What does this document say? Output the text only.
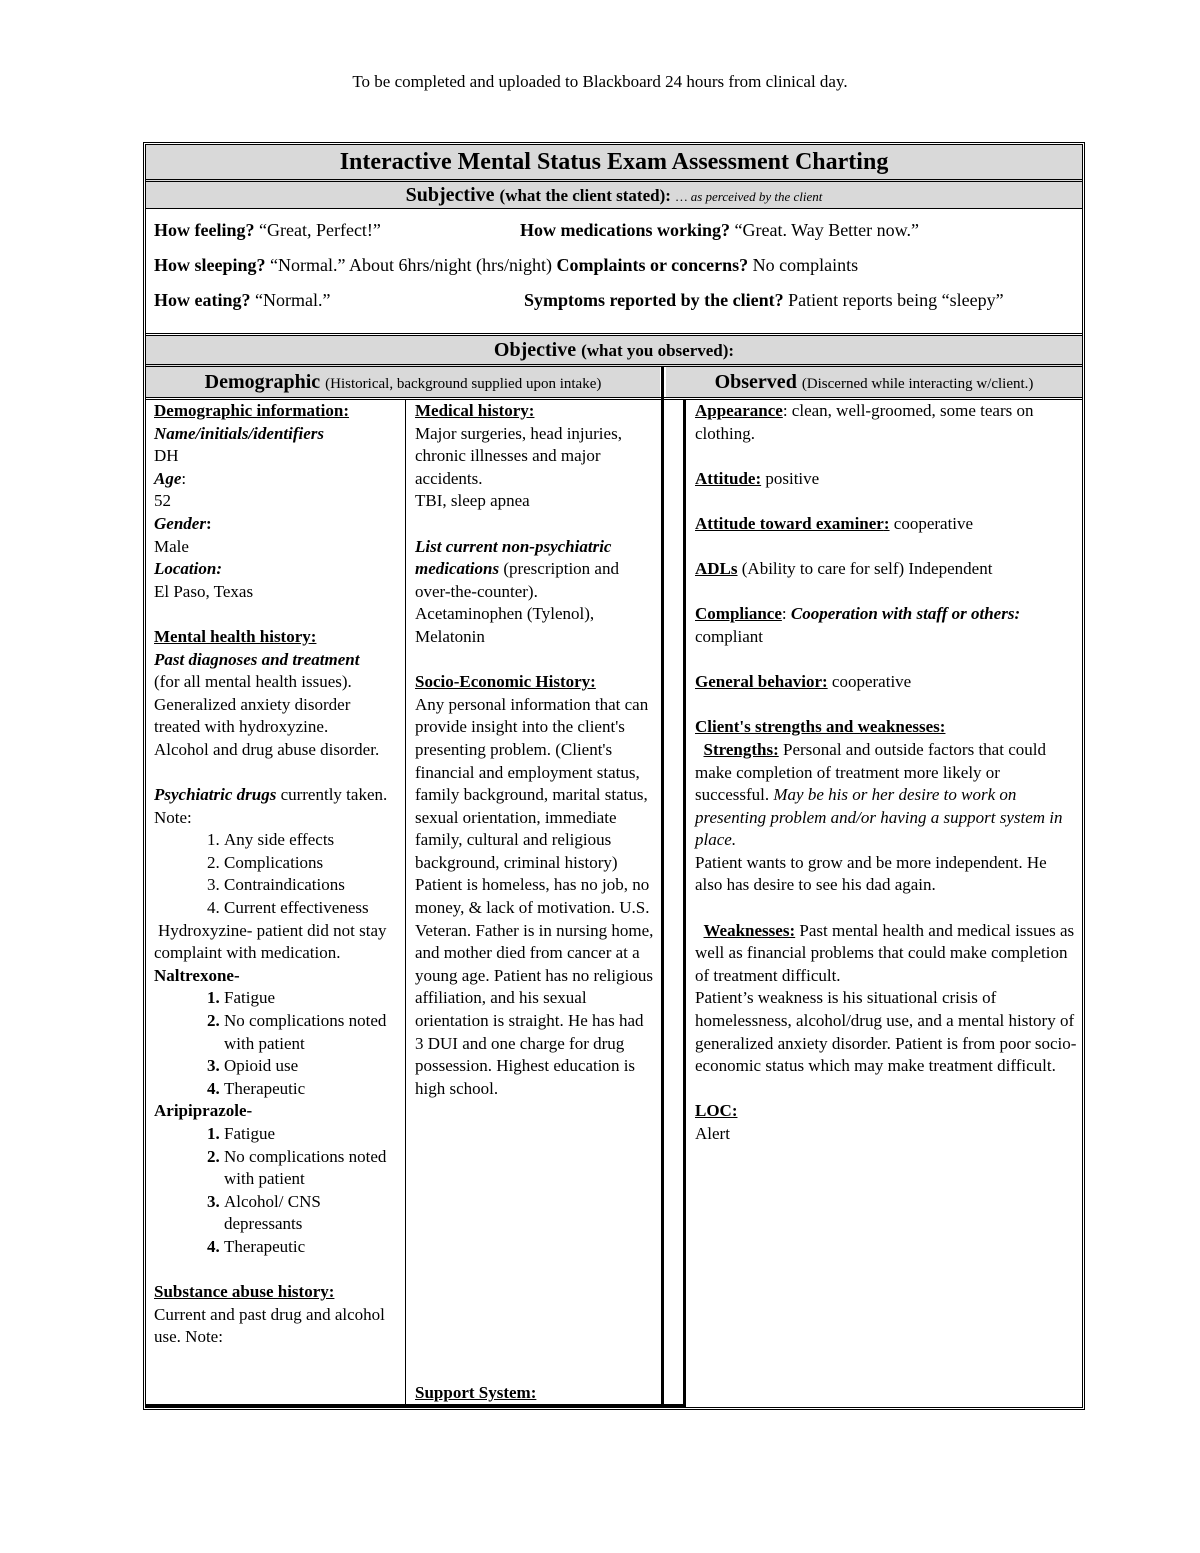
To be completed and uploaded to Blackboard 24 hours from clinical day.
Interactive Mental Status Exam Assessment Charting
Subjective (what the client stated): … as perceived by the client
How feeling? “Great, Perfect!”	How medications working? “Great. Way Better now.”
How sleeping? “Normal.” About 6hrs/night (hrs/night) Complaints or concerns? No complaints
How eating? “Normal.”	Symptoms reported by the client? Patient reports being “sleepy”
Objective (what you observed):
Demographic (Historical, background supplied upon intake)	Observed (Discerned while interacting w/client.)

Demographic information:

Name/initials/identifiers

DH

Age:

52

Gender:

Male

Location:

El Paso, Texas

Mental health history:

Past diagnoses and treatment

(for all mental health issues).

Generalized anxiety disorder treated with hydroxyzine.

Alcohol and drug abuse disorder.

Psychiatric drugs currently taken. Note:

1. Any side effects
2. Complications
3. Contraindications
4. Current effectiveness

Hydroxyzine- patient did not stay complaint with medication.

Naltrexone-

1. Fatigue
2. No complications noted with patient
3. Opioid use
4. Therapeutic

Aripiprazole-

1. Fatigue
2. No complications noted with patient
3. Alcohol/ CNS depressants
4. Therapeutic

Substance abuse history:

Current and past drug and alcohol use. Note:

Medical history:

Major surgeries, head injuries, chronic illnesses and major accidents.

TBI, sleep apnea

List current non-psychiatric medications (prescription and over-the-counter).

Acetaminophen (Tylenol), Melatonin

Socio-Economic History:

Any personal information that can provide insight into the client's presenting problem. (Client's financial and employment status, family background, marital status, sexual orientation, immediate family, cultural and religious background, criminal history)

Patient is homeless, has no job, no money, & lack of motivation. U.S. Veteran. Father is in nursing home, and mother died from cancer at a young age. Patient has no religious affiliation, and his sexual orientation is straight. He has had 3 DUI and one charge for drug possession. Highest education is high school.

Support System:

Appearance: clean, well-groomed, some tears on clothing.

Attitude: positive

Attitude toward examiner: cooperative

ADLs (Ability to care for self) Independent

Compliance: Cooperation with staff or others:

compliant

General behavior: cooperative

Client's strengths and weaknesses:

Strengths: Personal and outside factors that could make completion of treatment more likely or successful. May be his or her desire to work on presenting problem and/or having a support system in place.

Patient wants to grow and be more independent. He also has desire to see his dad again.

Weaknesses: Past mental health and medical issues as well as financial problems that could make completion of treatment difficult.

Patient’s weakness is his situational crisis of homelessness, alcohol/drug use, and a mental history of generalized anxiety disorder. Patient is from poor socio-economic status which may make treatment difficult.

LOC:

Alert
